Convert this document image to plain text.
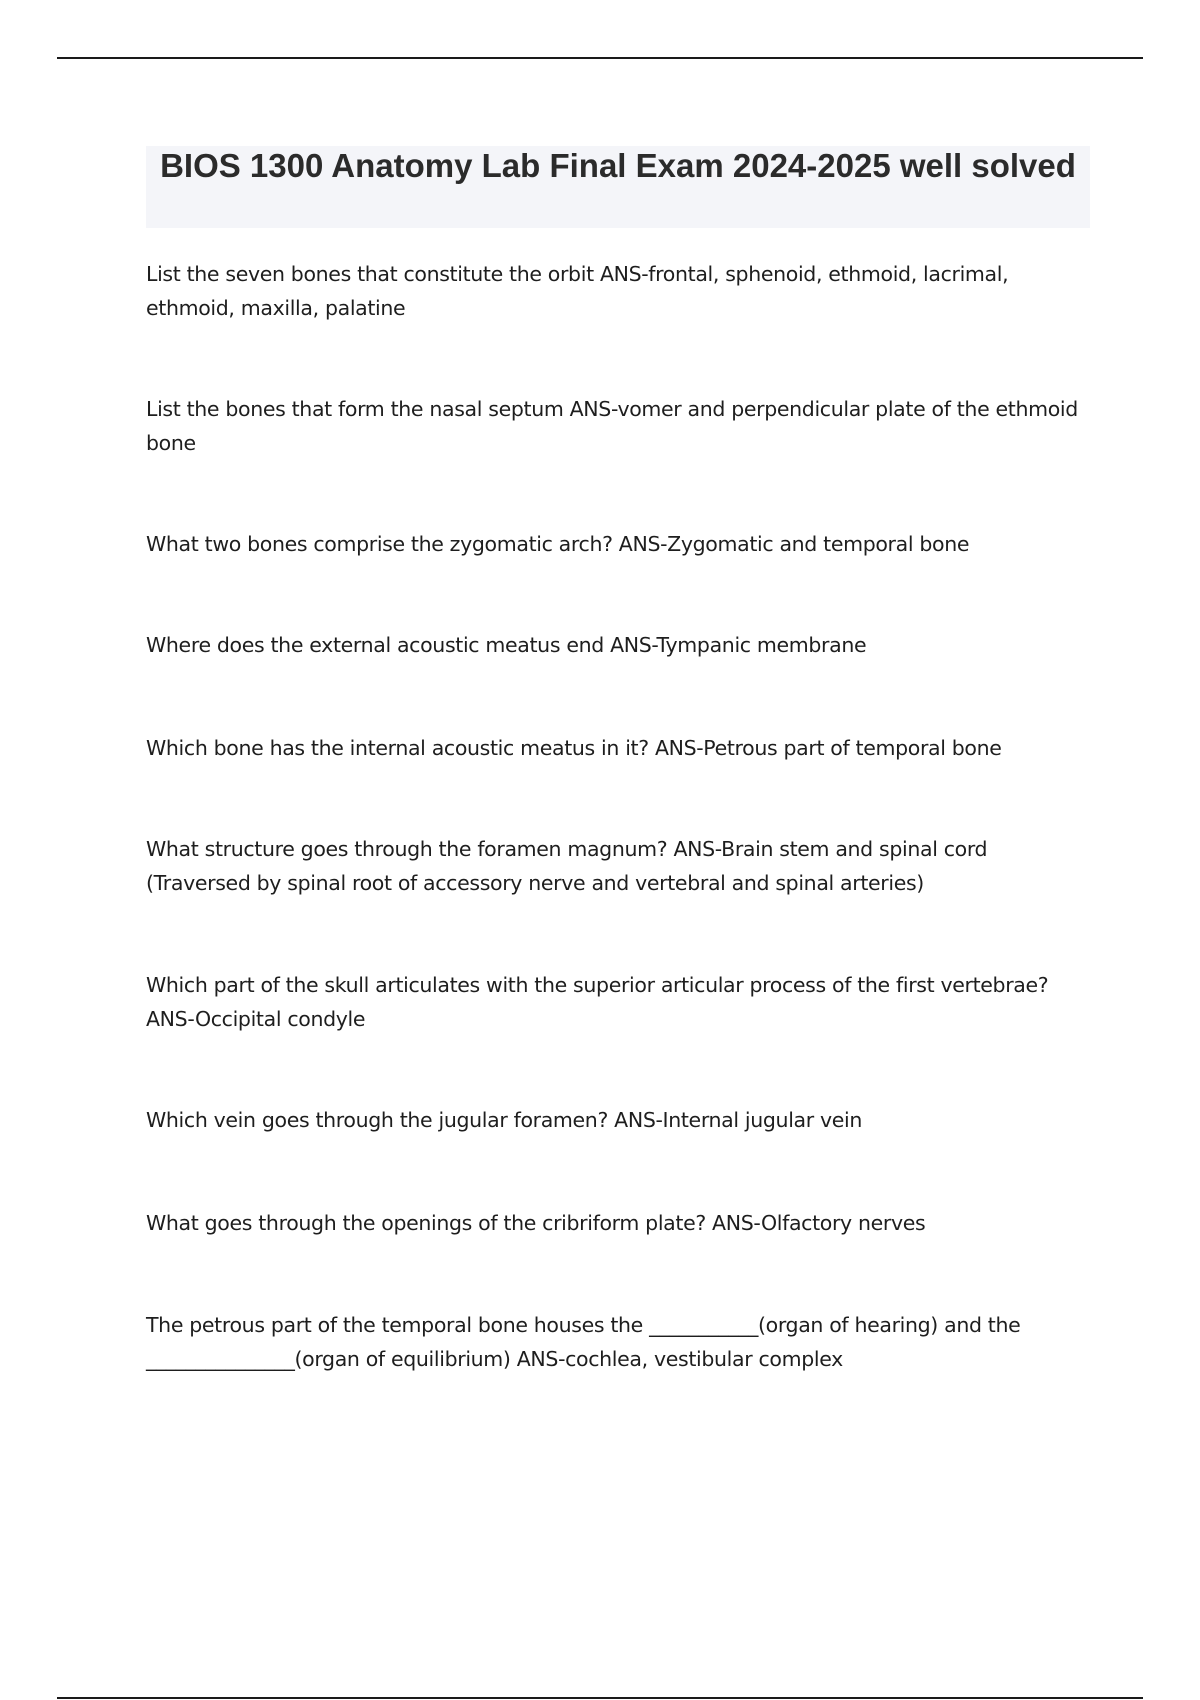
BIOS 1300 Anatomy Lab Final Exam 2024-2025 well solved

List the seven bones that constitute the orbit ANS-frontal, sphenoid, ethmoid, lacrimal, ethmoid, maxilla, palatine

List the bones that form the nasal septum ANS-vomer and perpendicular plate of the ethmoid bone

What two bones comprise the zygomatic arch? ANS-Zygomatic and temporal bone

Where does the external acoustic meatus end ANS-Tympanic membrane

Which bone has the internal acoustic meatus in it? ANS-Petrous part of temporal bone

What structure goes through the foramen magnum? ANS-Brain stem and spinal cord (Traversed by spinal root of accessory nerve and vertebral and spinal arteries)

Which part of the skull articulates with the superior articular process of the first vertebrae? ANS-Occipital condyle

Which vein goes through the jugular foramen? ANS-Internal jugular vein

What goes through the openings of the cribriform plate? ANS-Olfactory nerves

The petrous part of the temporal bone houses the ___________(organ of hearing) and the _______________(organ of equilibrium) ANS-cochlea, vestibular complex
